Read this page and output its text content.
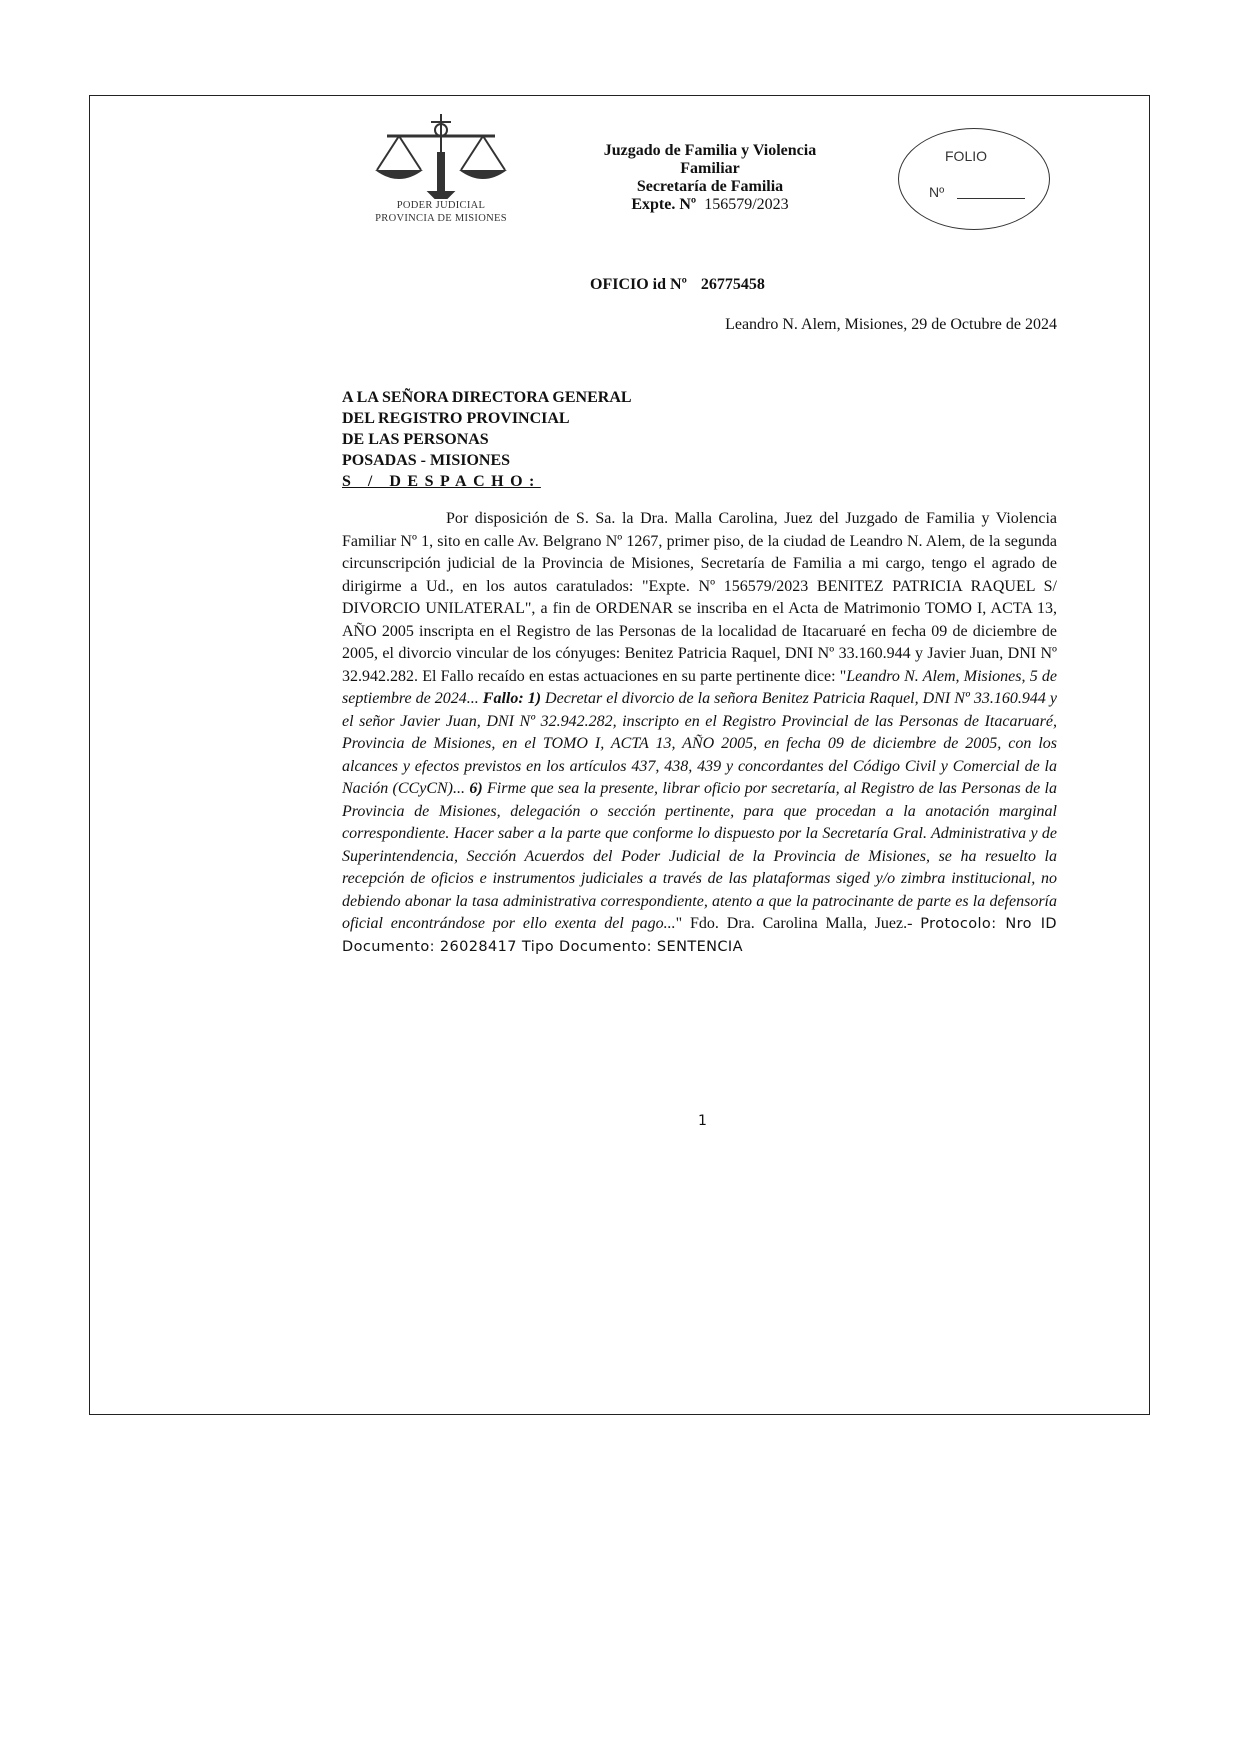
PODER JUDICIAL
PROVINCIA DE MISIONES
Juzgado de Familia y Violencia
Familiar
Secretaría de Familia
Expte. Nº 156579/2023
FOLIO
Nº
OFICIO id Nº 26775458
Leandro N. Alem, Misiones, 29 de Octubre de 2024
A LA SEÑORA DIRECTORA GENERAL
DEL REGISTRO PROVINCIAL
DE LAS PERSONAS
POSADAS - MISIONES
S / DESPACHO:

Por disposición de S. Sa. la Dra. Malla Carolina, Juez del Juzgado de Familia y Violencia Familiar Nº 1, sito en calle Av. Belgrano Nº 1267, primer piso, de la ciudad de Leandro N. Alem, de la segunda circunscripción judicial de la Provincia de Misiones, Secretaría de Familia a mi cargo, tengo el agrado de dirigirme a Ud., en los autos caratulados: "Expte. Nº 156579/2023 BENITEZ PATRICIA RAQUEL S/ DIVORCIO UNILATERAL", a fin de ORDENAR se inscriba en el Acta de Matrimonio TOMO I, ACTA 13, AÑO 2005 inscripta en el Registro de las Personas de la localidad de Itacaruaré en fecha 09 de diciembre de 2005, el divorcio vincular de los cónyuges: Benitez Patricia Raquel, DNI Nº 33.160.944 y Javier Juan, DNI Nº 32.942.282. El Fallo recaído en estas actuaciones en su parte pertinente dice: "Leandro N. Alem, Misiones, 5 de septiembre de 2024... Fallo: 1) Decretar el divorcio de la señora Benitez Patricia Raquel, DNI Nº 33.160.944 y el señor Javier Juan, DNI Nº 32.942.282, inscripto en el Registro Provincial de las Personas de Itacaruaré, Provincia de Misiones, en el TOMO I, ACTA 13, AÑO 2005, en fecha 09 de diciembre de 2005, con los alcances y efectos previstos en los artículos 437, 438, 439 y concordantes del Código Civil y Comercial de la Nación (CCyCN)... 6) Firme que sea la presente, librar oficio por secretaría, al Registro de las Personas de la Provincia de Misiones, delegación o sección pertinente, para que procedan a la anotación marginal correspondiente. Hacer saber a la parte que conforme lo dispuesto por la Secretaría Gral. Administrativa y de Superintendencia, Sección Acuerdos del Poder Judicial de la Provincia de Misiones, se ha resuelto la recepción de oficios e instrumentos judiciales a través de las plataformas siged y/o zimbra institucional, no debiendo abonar la tasa administrativa correspondiente, atento a que la patrocinante de parte es la defensoría oficial encontrándose por ello exenta del pago..." Fdo. Dra. Carolina Malla, Juez.- Protocolo: Nro ID Documento: 26028417 Tipo Documento: SENTENCIA

1
